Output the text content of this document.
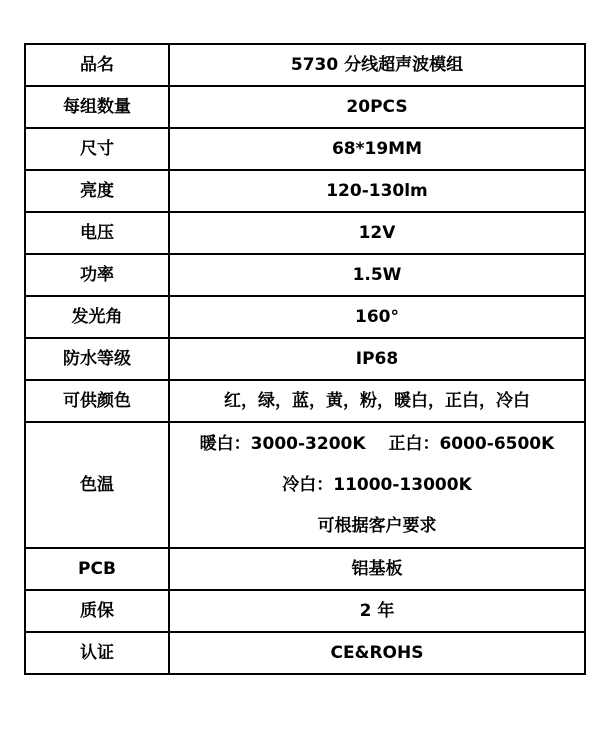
品名	5730 分线超声波模组
每组数量	20PCS
尺寸	68*19MM
亮度	120-130lm
电压	12V
功率	1.5W
发光角	160°
防水等级	IP68
可供颜色	红，绿，蓝，黄，粉，暖白，正白，冷白
色温	暖白：3000-3200K　 正白：6000-6500K
冷白：11000-13000K
可根据客户要求

PCB	铝基板
质保	2 年
认证	CE&ROHS
